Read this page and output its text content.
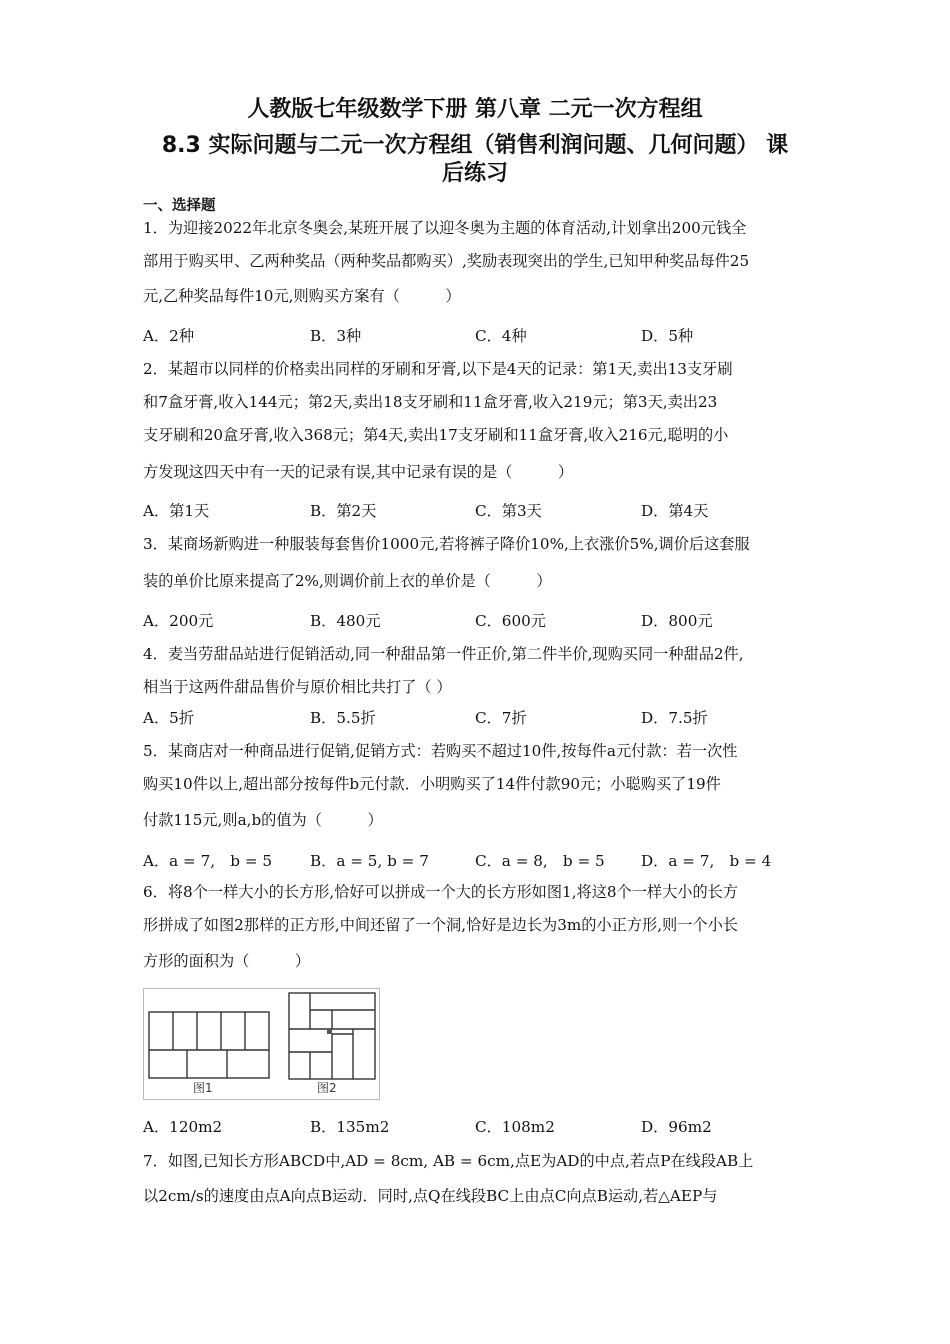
人教版七年级数学下册 第八章 二元一次方程组
8.3 实际问题与二元一次方程组（销售利润问题、几何问题） 课
后练习
一、选择题
1．为迎接2022年北京冬奥会,某班开展了以迎冬奥为主题的体育活动,计划拿出200元钱全
部用于购买甲、乙两种奖品（两种奖品都购买）,奖励表现突出的学生,已知甲种奖品每件25
元,乙种奖品每件10元,则购买方案有（　　　）
A．2种	B．3种	C．4种	D．5种
2．某超市以同样的价格卖出同样的牙刷和牙膏,以下是4天的记录：第1天,卖出13支牙刷
和7盒牙膏,收入144元；第2天,卖出18支牙刷和11盒牙膏,收入219元；第3天,卖出23
支牙刷和20盒牙膏,收入368元；第4天,卖出17支牙刷和11盒牙膏,收入216元,聪明的小
方发现这四天中有一天的记录有误,其中记录有误的是（　　　）
A．第1天	B．第2天	C．第3天	D．第4天
3．某商场新购进一种服装每套售价1000元,若将裤子降价10%,上衣涨价5%,调价后这套服
装的单价比原来提高了2%,则调价前上衣的单价是（　　　）
A．200元	B．480元	C．600元	D．800元
4．麦当劳甜品站进行促销活动,同一种甜品第一件正价,第二件半价,现购买同一种甜品2件,
相当于这两件甜品售价与原价相比共打了（ ）
A．5折	B．5.5折	C．7折	D．7.5折
5．某商店对一种商品进行促销,促销方式：若购买不超过10件,按每件a元付款：若一次性
购买10件以上,超出部分按每件b元付款．小明购买了14件付款90元；小聪购买了19件
付款115元,则a,b的值为（　　　）
A．a = 7,　b = 5 B．a = 5, b = 7	C．a = 8,　b = 5 D．a = 7,　b = 4
6．将8个一样大小的长方形,恰好可以拼成一个大的长方形如图1,将这8个一样大小的长方
形拼成了如图2那样的正方形,中间还留了一个洞,恰好是边长为3m的小正方形,则一个小长
方形的面积为（　　　）
图1	图2
A．120m2	B．135m2	C．108m2	D．96m2
7．如图,已知长方形ABCD中,AD = 8cm, AB = 6cm,点E为AD的中点,若点P在线段AB上
以2cm/s的速度由点A向点B运动．同时,点Q在线段BC上由点C向点B运动,若△AEP与
